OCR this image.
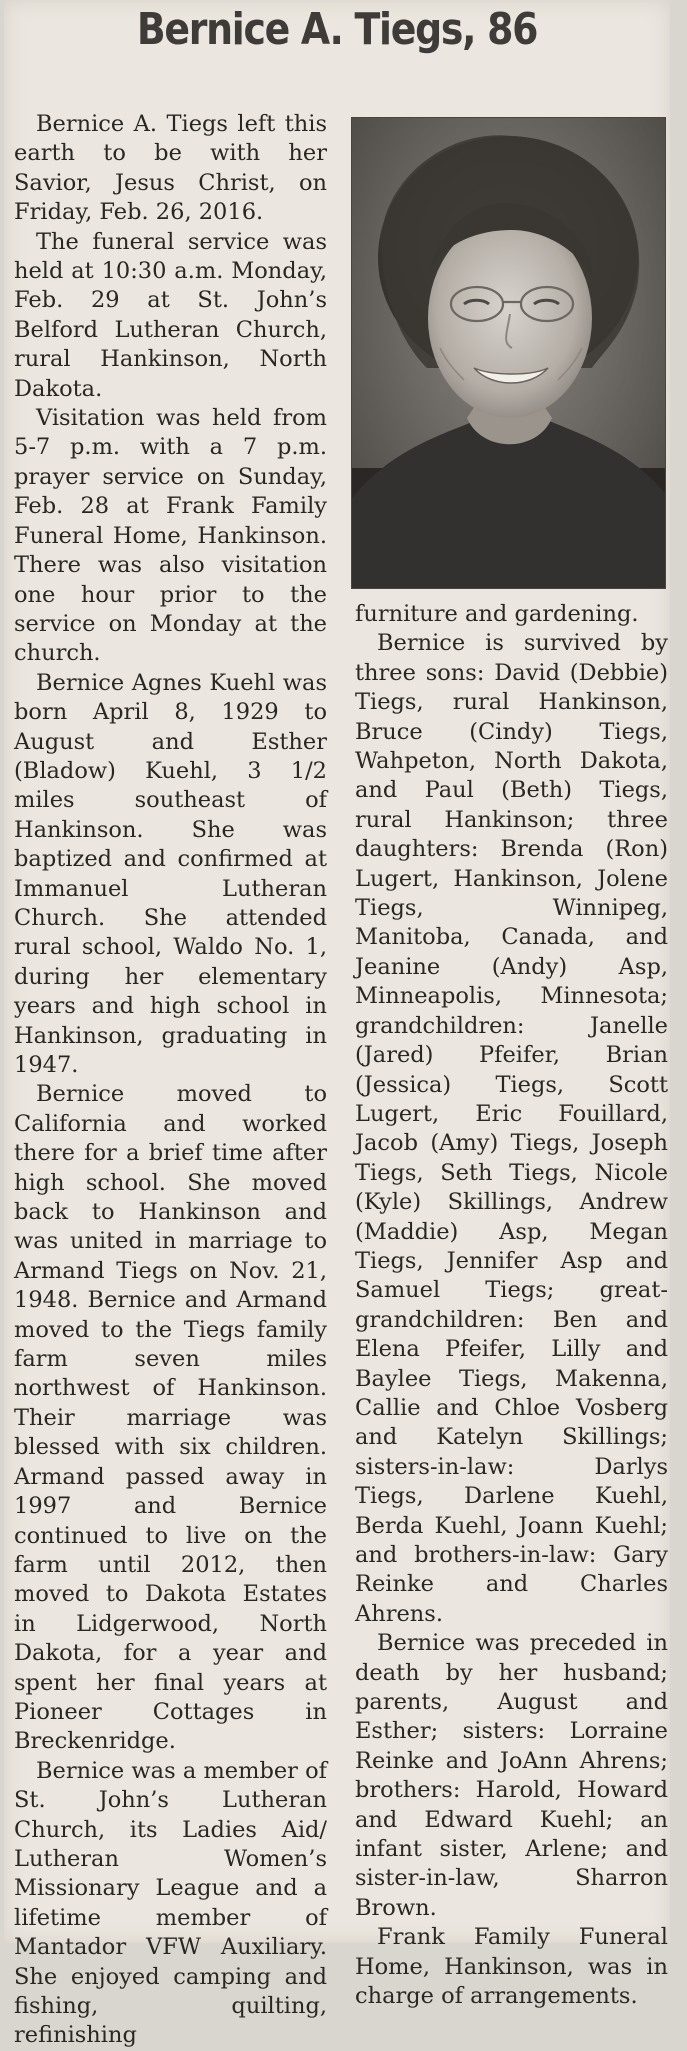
Bernice A. Tiegs, 86

Bernice A. Tiegs left this earth to be with her Savior, Jesus Christ, on Friday, Feb. 26, 2016.

The funeral service was held at 10:30 a.m. Monday, Feb. 29 at St. John’s Belford Lutheran Church, rural Hankinson, North Dakota.

Visitation was held from 5-7 p.m. with a 7 p.m. prayer service on Sunday, Feb. 28 at Frank Family Funeral Home, Hankinson. There was also visitation one hour prior to the service on Monday at the church.

Bernice Agnes Kuehl was born April 8, 1929 to August and Esther (Bladow) Kuehl, 3 1/2 miles southeast of Hankinson. She was baptized and confirmed at Immanuel Lutheran Church. She attended rural school, Waldo No. 1, during her elementary years and high school in Hankinson, graduating in 1947.

Bernice moved to California and worked there for a brief time after high school. She moved back to Hankinson and was united in marriage to Armand Tiegs on Nov. 21, 1948. Bernice and Armand moved to the Tiegs family farm seven miles northwest of Hankinson. Their marriage was blessed with six children. Armand passed away in 1997 and Bernice continued to live on the farm until 2012, then moved to Dakota Estates in Lidgerwood, North Dakota, for a year and spent her final years at Pioneer Cottages in Breckenridge.

Bernice was a member of St. John’s Lutheran Church, its Ladies Aid/ Lutheran Women’s Missionary League and a lifetime member of Mantador VFW Auxiliary. She enjoyed camping and fishing, quilting, refinishing

furniture and gardening.

Bernice is survived by three sons: David (Debbie) Tiegs, rural Hankinson, Bruce (Cindy) Tiegs, Wahpeton, North Dakota, and Paul (Beth) Tiegs, rural Hankinson; three daughters: Brenda (Ron) Lugert, Hankinson, Jolene Tiegs, Winnipeg, Manitoba, Canada, and Jeanine (Andy) Asp, Minneapolis, Minnesota; grandchildren: Janelle (Jared) Pfeifer, Brian (Jessica) Tiegs, Scott Lugert, Eric Fouillard, Jacob (Amy) Tiegs, Joseph Tiegs, Seth Tiegs, Nicole (Kyle) Skillings, Andrew (Maddie) Asp, Megan Tiegs, Jennifer Asp and Samuel Tiegs; great-grandchildren: Ben and Elena Pfeifer, Lilly and Baylee Tiegs, Makenna, Callie and Chloe Vosberg and Katelyn Skillings; sisters-in-law: Darlys Tiegs, Darlene Kuehl, Berda Kuehl, Joann Kuehl; and brothers-in-law: Gary Reinke and Charles Ahrens.

Bernice was preceded in death by her husband; parents, August and Esther; sisters: Lorraine Reinke and JoAnn Ahrens; brothers: Harold, Howard and Edward Kuehl; an infant sister, Arlene; and sister-in-law, Sharron Brown.

Frank Family Funeral Home, Hankinson, was in charge of arrangements.
